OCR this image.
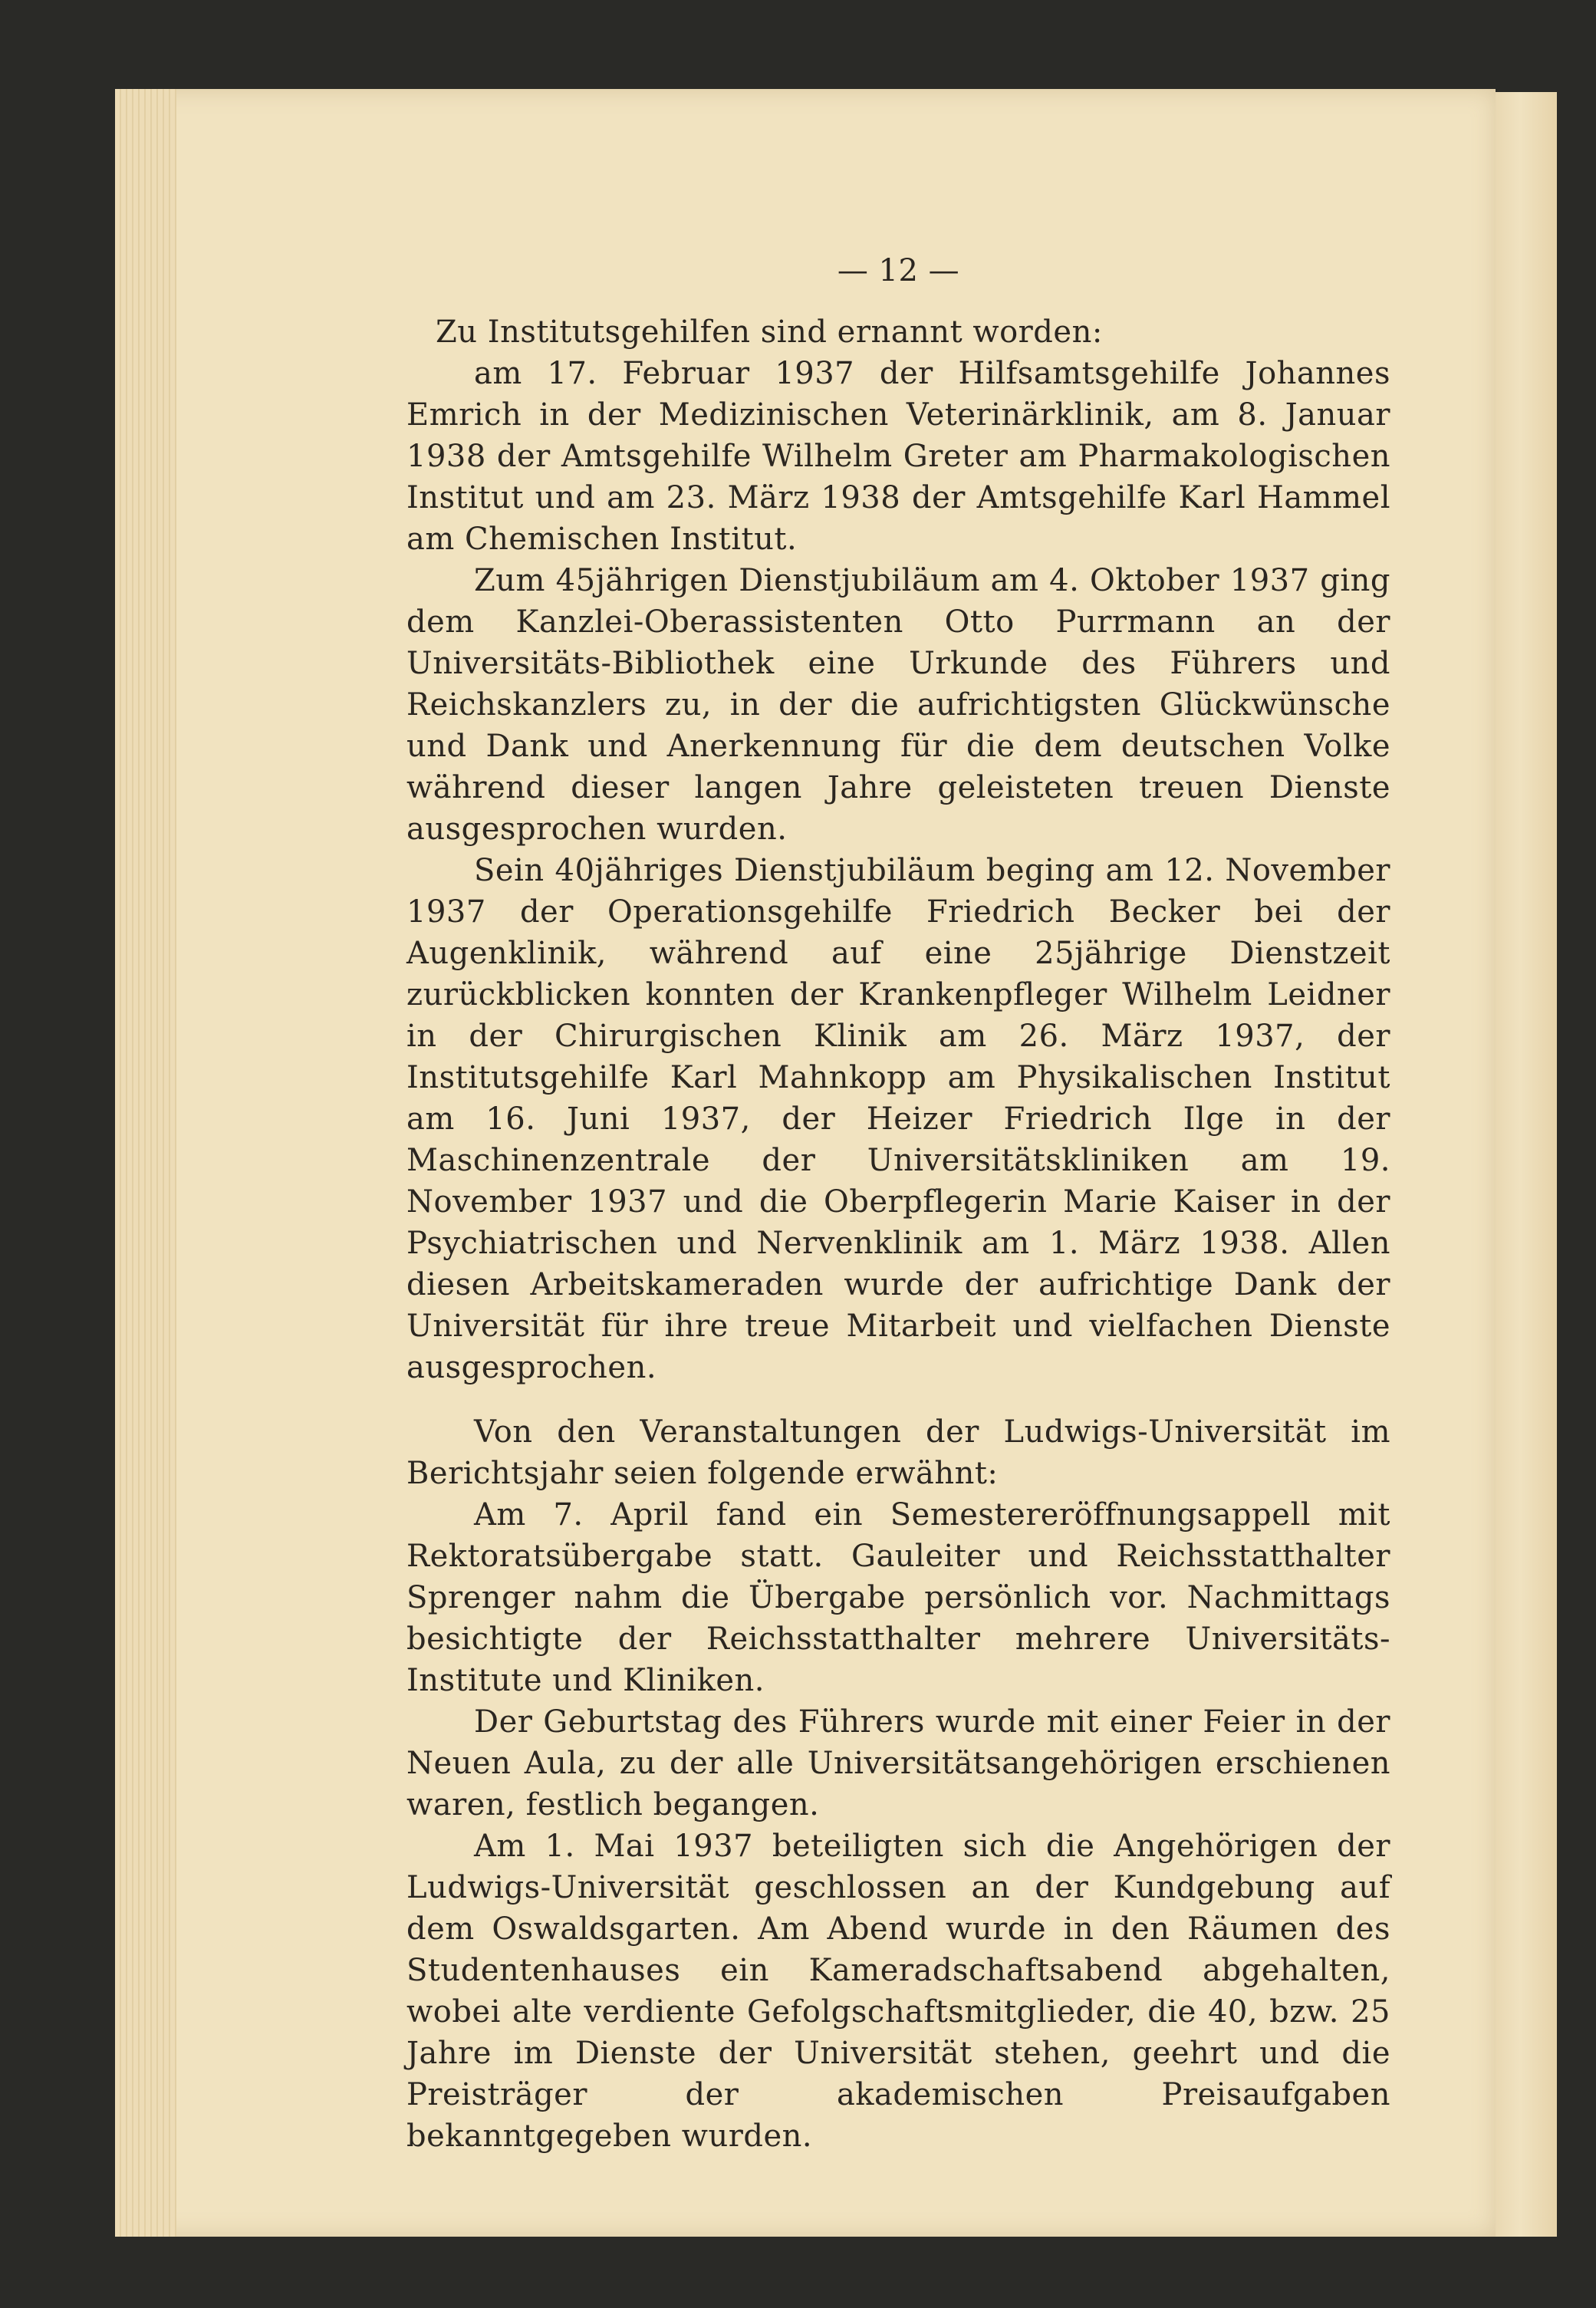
— 12 —

Zu Institutsgehilfen sind ernannt worden:

am 17. Februar 1937 der Hilfsamtsgehilfe Johannes Emrich in der Medizinischen Veterinärklinik, am 8. Januar 1938 der Amtsgehilfe Wilhelm Greter am Pharmakologischen Institut und am 23. März 1938 der Amtsgehilfe Karl Hammel am Chemischen Institut.

Zum 45jährigen Dienstjubiläum am 4. Oktober 1937 ging dem Kanzlei-Oberassistenten Otto Purrmann an der Universitäts-Bibliothek eine Urkunde des Führers und Reichskanzlers zu, in der die aufrichtigsten Glückwünsche und Dank und Anerkennung für die dem deutschen Volke während dieser langen Jahre geleisteten treuen Dienste ausgesprochen wurden.

Sein 40jähriges Dienstjubiläum beging am 12. November 1937 der Operationsgehilfe Friedrich Becker bei der Augenklinik, während auf eine 25jährige Dienstzeit zurückblicken konnten der Krankenpfleger Wilhelm Leidner in der Chirurgischen Klinik am 26. März 1937, der Institutsgehilfe Karl Mahnkopp am Physikalischen Institut am 16. Juni 1937, der Heizer Friedrich Ilge in der Maschinenzentrale der Universitätskliniken am 19. November 1937 und die Oberpflegerin Marie Kaiser in der Psychiatrischen und Nervenklinik am 1. März 1938. Allen diesen Arbeitskameraden wurde der aufrichtige Dank der Universität für ihre treue Mitarbeit und vielfachen Dienste ausgesprochen.

Von den Veranstaltungen der Ludwigs-Universität im Berichtsjahr seien folgende erwähnt:

Am 7. April fand ein Semestereröffnungsappell mit Rektoratsübergabe statt. Gauleiter und Reichsstatthalter Sprenger nahm die Übergabe persönlich vor. Nachmittags besichtigte der Reichsstatthalter mehrere Universitäts-Institute und Kliniken.

Der Geburtstag des Führers wurde mit einer Feier in der Neuen Aula, zu der alle Universitätsangehörigen erschienen waren, festlich begangen.

Am 1. Mai 1937 beteiligten sich die Angehörigen der Ludwigs-Universität geschlossen an der Kundgebung auf dem Oswaldsgarten. Am Abend wurde in den Räumen des Studentenhauses ein Kameradschaftsabend abgehalten, wobei alte verdiente Gefolgschaftsmitglieder, die 40, bzw. 25 Jahre im Dienste der Universität stehen, geehrt und die Preisträger der akademischen Preisaufgaben bekanntgegeben wurden.
